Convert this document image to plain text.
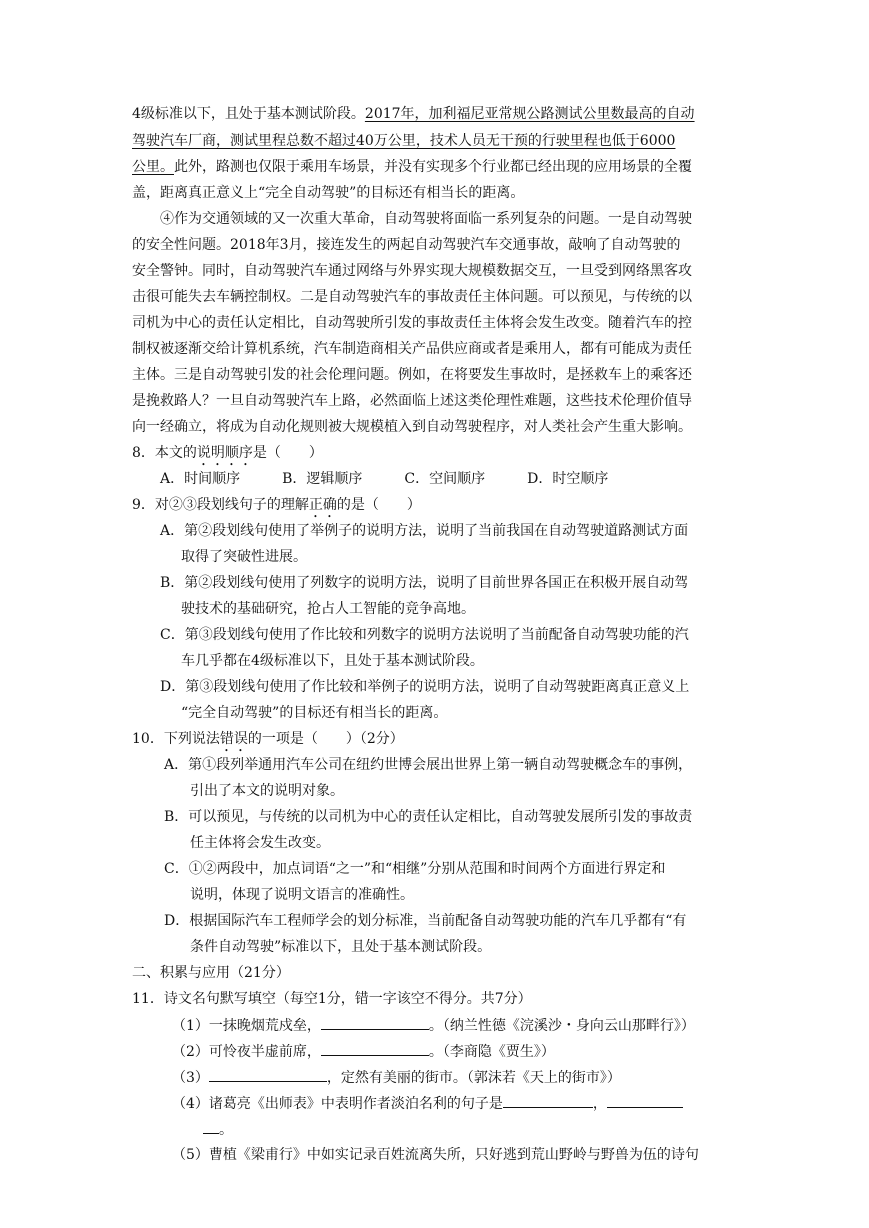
4级标准以下，且处于基本测试阶段。2017年，加利福尼亚常规公路测试公里数最高的自动
驾驶汽车厂商，测试里程总数不超过40万公里，技术人员无干预的行驶里程也低于6000
公里。此外，路测也仅限于乘用车场景，并没有实现多个行业都已经出现的应用场景的全覆
盖，距离真正意义上“完全自动驾驶”的目标还有相当长的距离。
④作为交通领域的又一次重大革命，自动驾驶将面临一系列复杂的问题。一是自动驾驶
的安全性问题。2018年3月，接连发生的两起自动驾驶汽车交通事故，敲响了自动驾驶的
安全警钟。同时，自动驾驶汽车通过网络与外界实现大规模数据交互，一旦受到网络黑客攻
击很可能失去车辆控制权。二是自动驾驶汽车的事故责任主体问题。可以预见，与传统的以
司机为中心的责任认定相比，自动驾驶所引发的事故责任主体将会发生改变。随着汽车的控
制权被逐渐交给计算机系统，汽车制造商相关产品供应商或者是乘用人，都有可能成为责任
主体。三是自动驾驶引发的社会伦理问题。例如，在将要发生事故时，是拯救车上的乘客还
是挽救路人？一旦自动驾驶汽车上路，必然面临上述这类伦理性难题，这些技术伦理价值导
向一经确立，将成为自动化规则被大规模植入到自动驾驶程序，对人类社会产生重大影响。
8．本文的说明顺序是（　　）
A．时间顺序　　　B．逻辑顺序　　　C．空间顺序　　　D．时空顺序
9．对②③段划线句子的理解正确的是（　　）
A．第②段划线句使用了举例子的说明方法，说明了当前我国在自动驾驶道路测试方面
取得了突破性进展。
B．第②段划线句使用了列数字的说明方法，说明了目前世界各国正在积极开展自动驾
驶技术的基础研究，抢占人工智能的竞争高地。
C．第③段划线句使用了作比较和列数字的说明方法说明了当前配备自动驾驶功能的汽
车几乎都在4级标准以下，且处于基本测试阶段。
D．第③段划线句使用了作比较和举例子的说明方法，说明了自动驾驶距离真正意义上
“完全自动驾驶”的目标还有相当长的距离。
10．下列说法错误的一项是（　　）（2分）
A．第①段列举通用汽车公司在纽约世博会展出世界上第一辆自动驾驶概念车的事例，
引出了本文的说明对象。
B．可以预见，与传统的以司机为中心的责任认定相比，自动驾驶发展所引发的事故责
任主体将会发生改变。
C．①②两段中，加点词语“之一”和“相继”分别从范围和时间两个方面进行界定和
说明，体现了说明文语言的准确性。
D．根据国际汽车工程师学会的划分标准，当前配备自动驾驶功能的汽车几乎都有“有
条件自动驾驶”标准以下，且处于基本测试阶段。
二、积累与应用（21分）
11．诗文名句默写填空（每空1分，错一字该空不得分。共7分）
（1）一抹晚烟荒戍垒，	。（纳兰性德《浣溪沙・身向云山那畔行》）
（2）可怜夜半虚前席，	。（李商隐《贾生》）
（3）	，定然有美丽的街市。（郭沫若《天上的街市》）
（4）诸葛亮《出师表》中表明作者淡泊名利的句子是	，
。
（5）曹植《梁甫行》中如实记录百姓流离失所，只好逃到荒山野岭与野兽为伍的诗句
